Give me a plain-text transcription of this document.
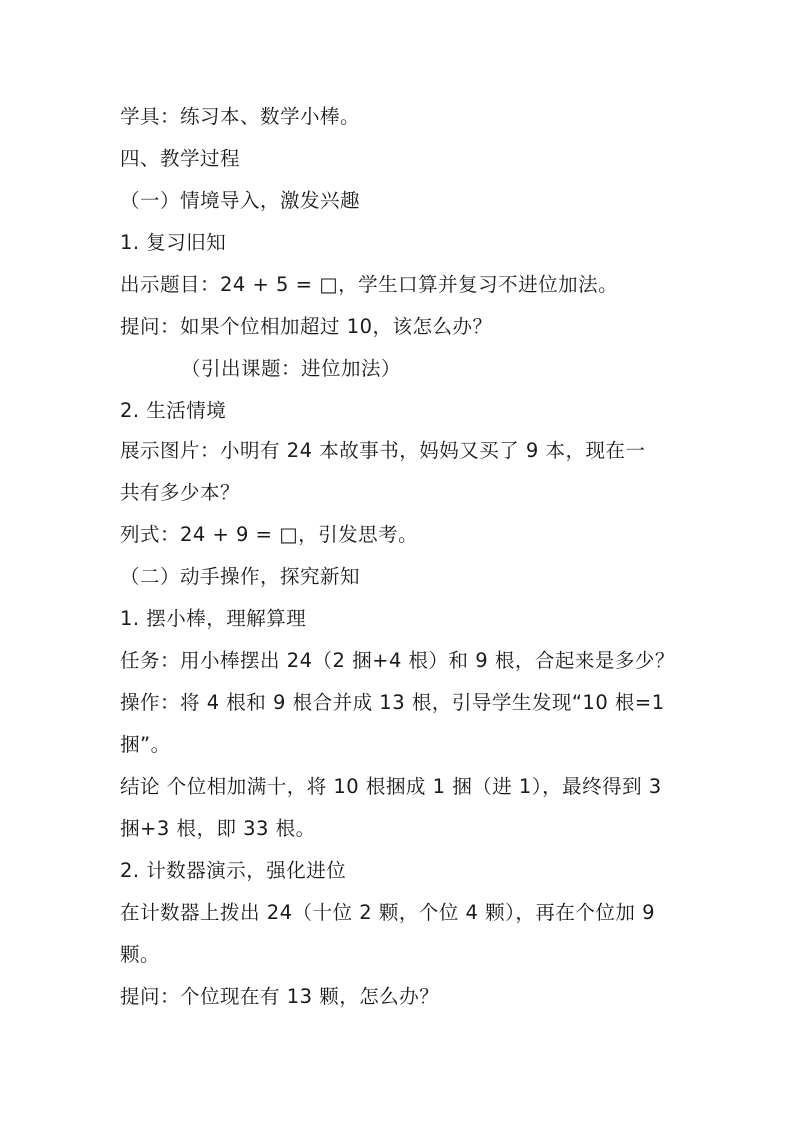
学具：练习本、数学小棒。
四、教学过程
（一）情境导入，激发兴趣
1. 复习旧知
出示题目：24 + 5 = □，学生口算并复习不进位加法。
提问：如果个位相加超过 10，该怎么办？
（引出课题：进位加法）
2. 生活情境
展示图片：小明有 24 本故事书，妈妈又买了 9 本，现在一
共有多少本？
列式：24 + 9 = □，引发思考。
（二）动手操作，探究新知
1. 摆小棒，理解算理
任务：用小棒摆出 24（2 捆+4 根）和 9 根，合起来是多少？
操作：将 4 根和 9 根合并成 13 根，引导学生发现“10 根=1
捆”。
结论 个位相加满十，将 10 根捆成 1 捆（进 1），最终得到 3
捆+3 根，即 33 根。
2. 计数器演示，强化进位
在计数器上拨出 24（十位 2 颗，个位 4 颗），再在个位加 9
颗。
提问：个位现在有 13 颗，怎么办？
